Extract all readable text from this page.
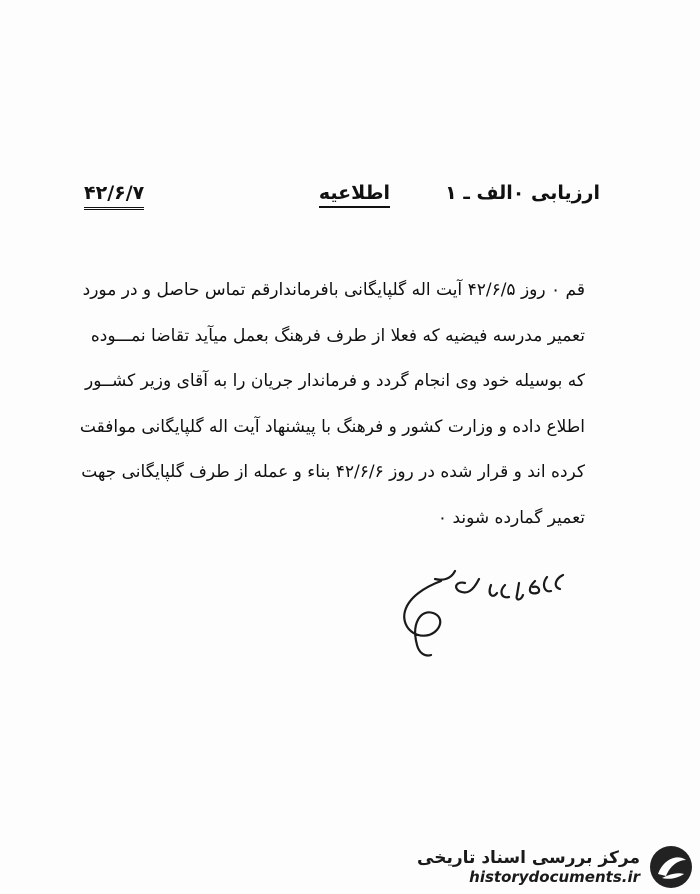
ارزیابی ۰الف ـ ۱
اطلاعیه
۴۲/۶/۷
قم ۰ روز ۴۲/۶/۵ آیت اله گلپایگانی بافرماندارقم تماس حاصل و در مورد
تعمیر مدرسه فیضیه که فعلا از طرف فرهنگ بعمل میآید تقاضا نمـــوده
که بوسیله خود وی انجام گردد و فرماندار جریان را به آقای وزیر کشــور
اطلاع داده و وزارت کشور و فرهنگ با پیشنهاد آیت اله گلپایگانی موافقت
کرده اند و قرار شده در روز ۴۲/۶/۶ بناء و عمله از طرف گلپایگانی جهت
تعمیر گمارده شوند ۰
مرکز بررسی اسناد تاریخی
historydocuments.ir
